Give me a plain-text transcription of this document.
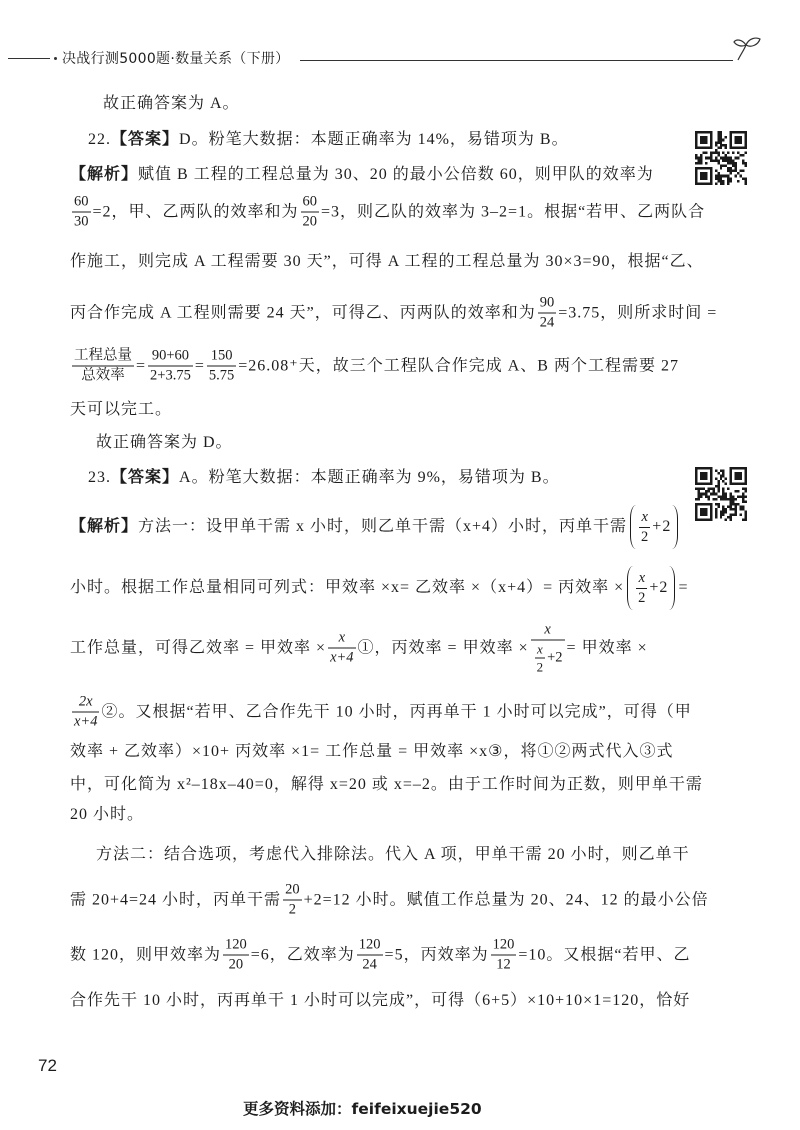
决战行测5000题·数量关系（下册）
故正确答案为 A。
22. 【答案】 D。粉笔大数据：本题正确率为 14%，易错项为 B。
【解析】 赋值 B 工程的工程总量为 30、20 的最小公倍数 60，则甲队的效率为
$\frac{60}{30} =2$，甲、乙两队的效率和为 $\frac{60}{20} =3$，则乙队的效率为 3–2=1。根据“若甲、乙两队合
作施工，则完成 A 工程需要 30 天”，可得 A 工程的工程总量为 30×3=90，根据“乙、
丙合作完成 A 工程则需要 24 天”，可得乙、丙两队的效率和为 $\frac{90}{24} =3.75$，则所求时间 =
$\frac{\text{工程总量}}{\text{总效率}} = \frac{90+60}{2+3.75} = \frac{150}{5.75} =26.08^+$天，故三个工程队合作完成 A、B 两个工程需要 27
天可以完工。
故正确答案为 D。
23. 【答案】 A。粉笔大数据：本题正确率为 9%，易错项为 B。
【解析】 方法一：设甲单干需 x 小时，则乙单干需（x+4）小时，丙单干需 $\frac{x}{2} +2$
小时。根据工作总量相同可列式：甲效率 ×x= 乙效率 ×（x+4）= 丙效率 × $\frac{x}{2} +2$ =
工作总量，可得乙效率 = 甲效率 × $\frac{x}{x+4}$ ①，丙效率 = 甲效率 × $\frac{x}{\frac{x}{2} +2}$ = 甲效率 ×
$\frac{2x}{x+4}$ ②。又根据“若甲、乙合作先干 10 小时，丙再单干 1 小时可以完成”，可得（甲
效率 + 乙效率）×10+ 丙效率 ×1= 工作总量 = 甲效率 ×x③，将①②两式代入③式
中，可化简为 x²–18x–40=0，解得 x=20 或 x=–2。由于工作时间为正数，则甲单干需
20 小时。
方法二：结合选项，考虑代入排除法。代入 A 项，甲单干需 20 小时，则乙单干
需 20+4=24 小时，丙单干需 $\frac{20}{2} +2=12$ 小时。赋值工作总量为 20、24、12 的最小公倍
数 120，则甲效率为 $\frac{120}{20} =6$，乙效率为 $\frac{120}{24} =5$，丙效率为 $\frac{120}{12} =10$。又根据“若甲、乙
合作先干 10 小时，丙再单干 1 小时可以完成”，可得（6+5）×10+10×1=120，恰好
72
更多资料添加：feifeixuejie520
